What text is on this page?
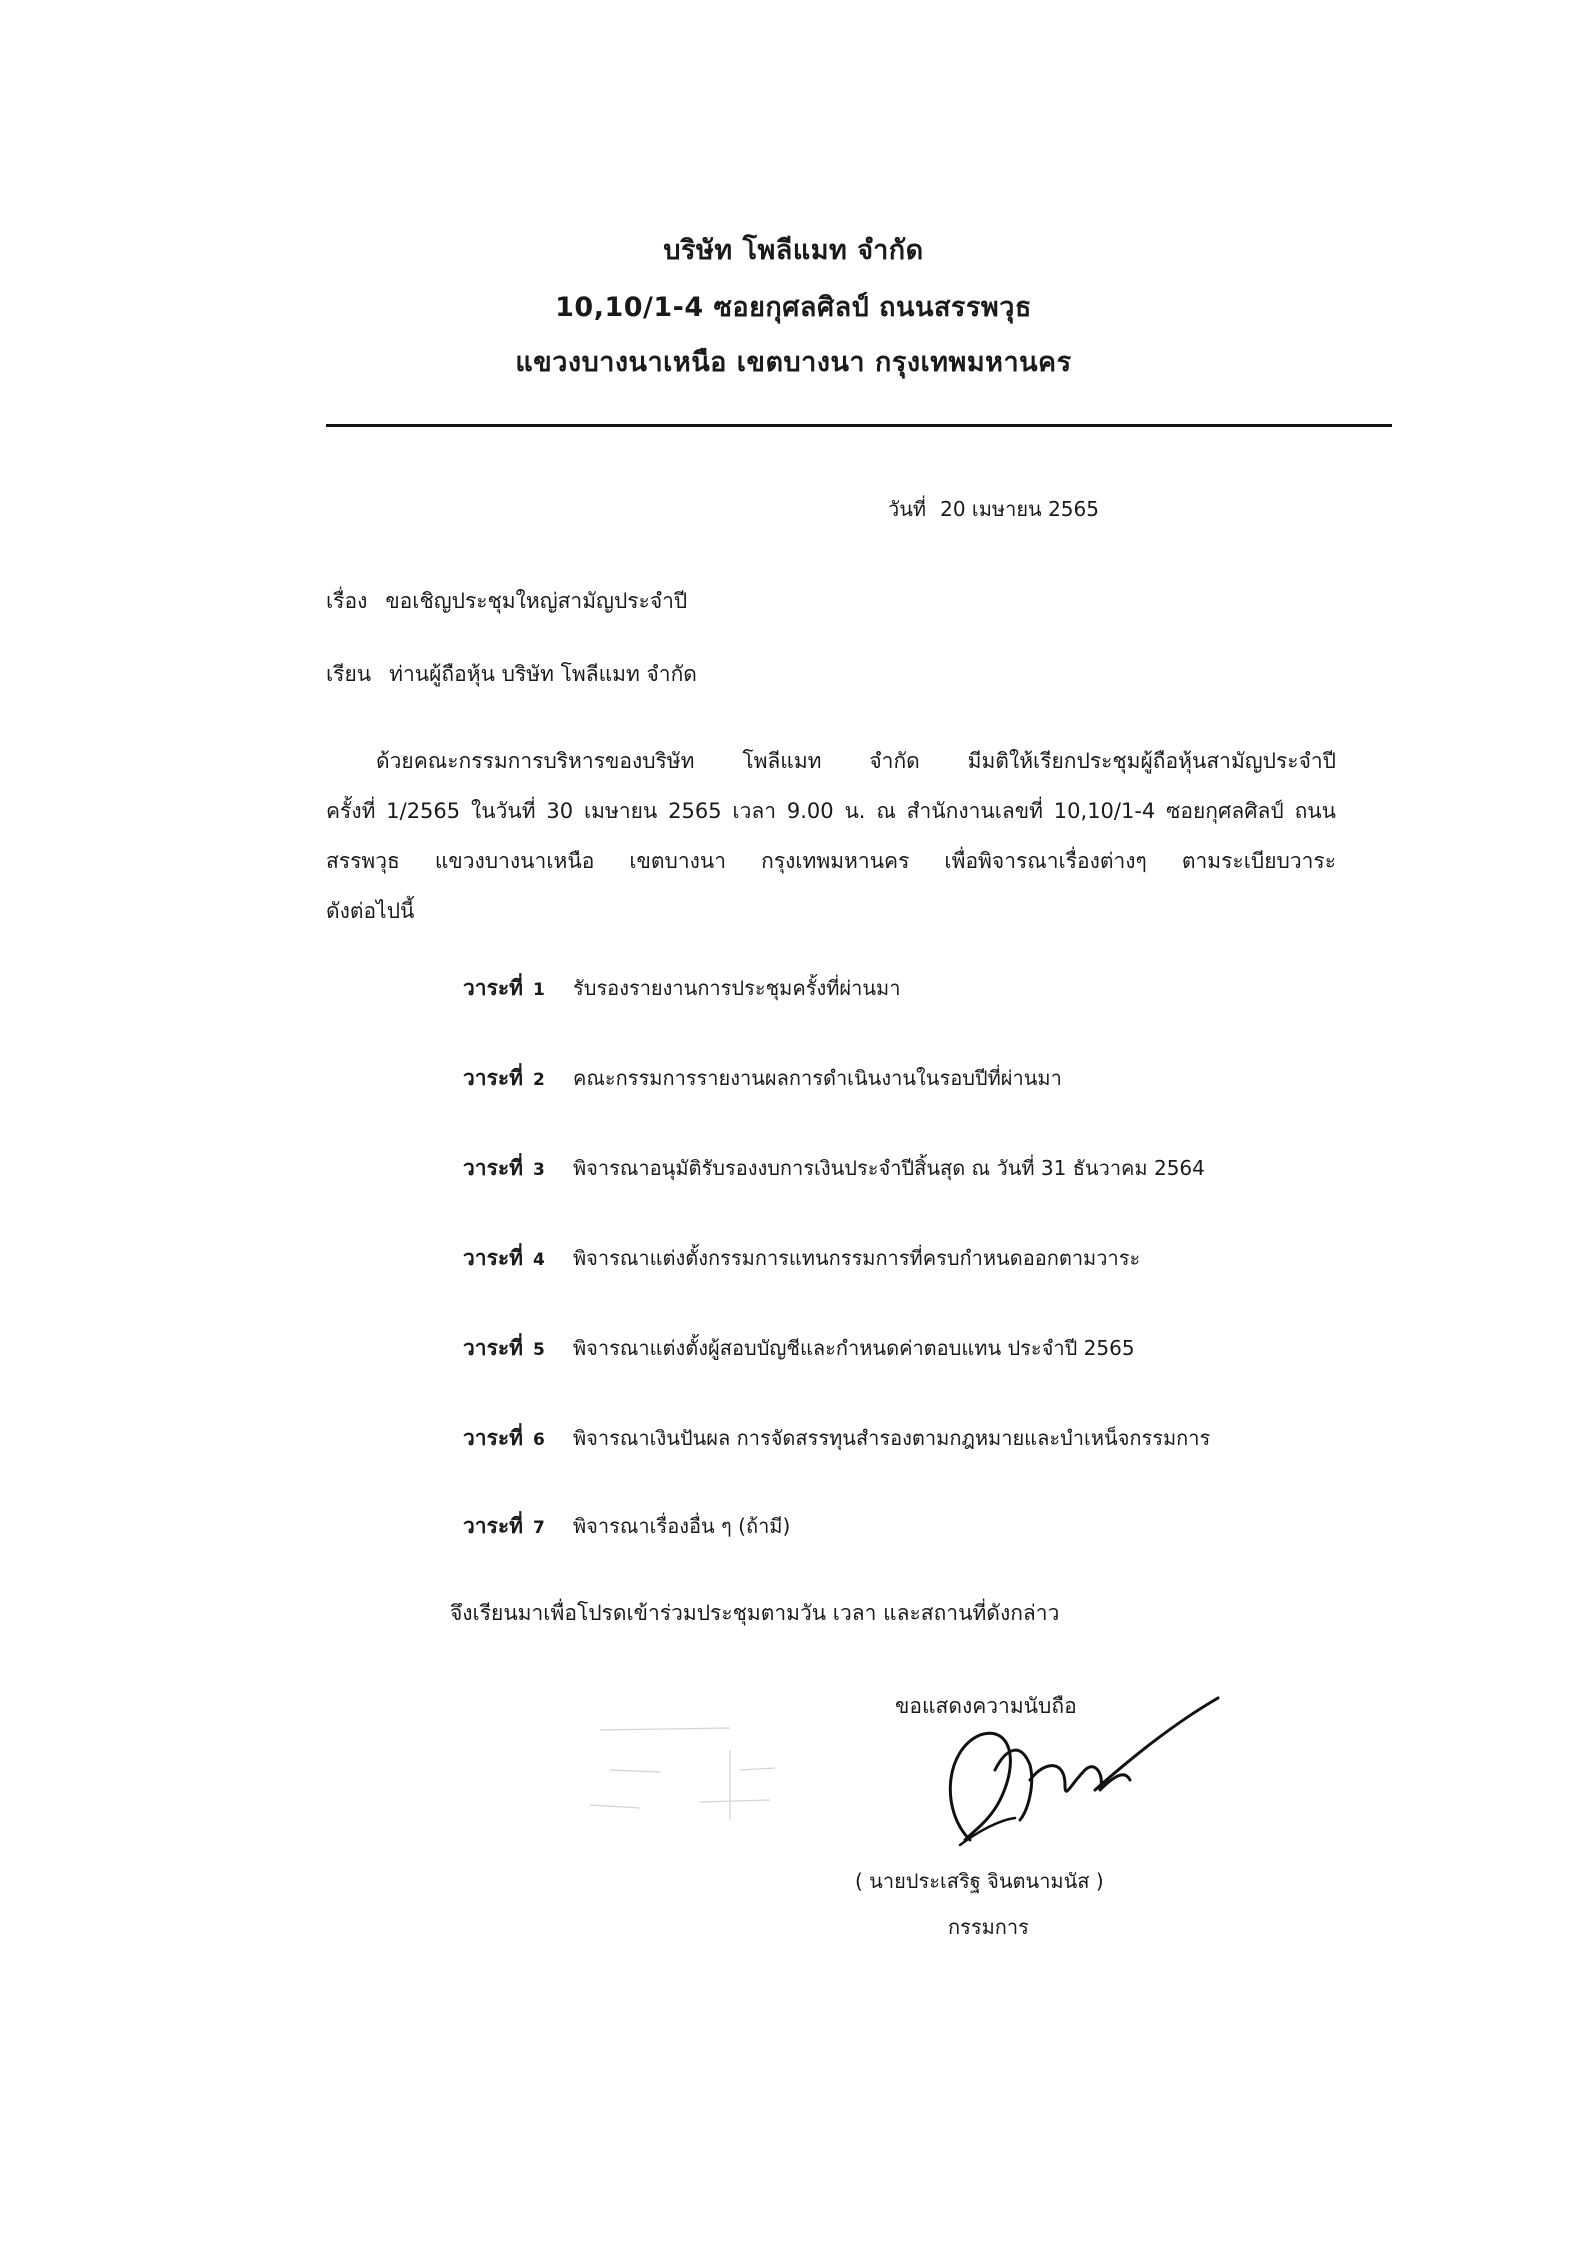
บริษัท โพลีแมท จำกัด
10,10/1-4 ซอยกุศลศิลป์ ถนนสรรพวุธ
แขวงบางนาเหนือ เขตบางนา กรุงเทพมหานคร
วันที่ 20 เมษายน 2565
เรื่อง ขอเชิญประชุมใหญ่สามัญประจำปี
เรียน ท่านผู้ถือหุ้น บริษัท โพลีแมท จำกัด
ด้วยคณะกรรมการบริหารของบริษัท โพลีแมท จำกัด มีมติให้เรียกประชุมผู้ถือหุ้นสามัญประจำปี
ครั้งที่ 1/2565 ในวันที่ 30 เมษายน 2565 เวลา 9.00 น. ณ สำนักงานเลขที่ 10,10/1-4 ซอยกุศลศิลป์ ถนน
สรรพวุธ แขวงบางนาเหนือ เขตบางนา กรุงเทพมหานคร เพื่อพิจารณาเรื่องต่างๆ ตามระเบียบวาระ
ดังต่อไปนี้
วาระที่ 1	รับรองรายงานการประชุมครั้งที่ผ่านมา
วาระที่ 2	คณะกรรมการรายงานผลการดำเนินงานในรอบปีที่ผ่านมา
วาระที่ 3	พิจารณาอนุมัติรับรองงบการเงินประจำปีสิ้นสุด ณ วันที่ 31 ธันวาคม 2564
วาระที่ 4	พิจารณาแต่งตั้งกรรมการแทนกรรมการที่ครบกำหนดออกตามวาระ
วาระที่ 5	พิจารณาแต่งตั้งผู้สอบบัญชีและกำหนดค่าตอบแทน ประจำปี 2565
วาระที่ 6	พิจารณาเงินปันผล การจัดสรรทุนสำรองตามกฎหมายและบำเหน็จกรรมการ
วาระที่ 7	พิจารณาเรื่องอื่น ๆ (ถ้ามี)
จึงเรียนมาเพื่อโปรดเข้าร่วมประชุมตามวัน เวลา และสถานที่ดังกล่าว
ขอแสดงความนับถือ
( นายประเสริฐ จินตนามนัส )
กรรมการ
